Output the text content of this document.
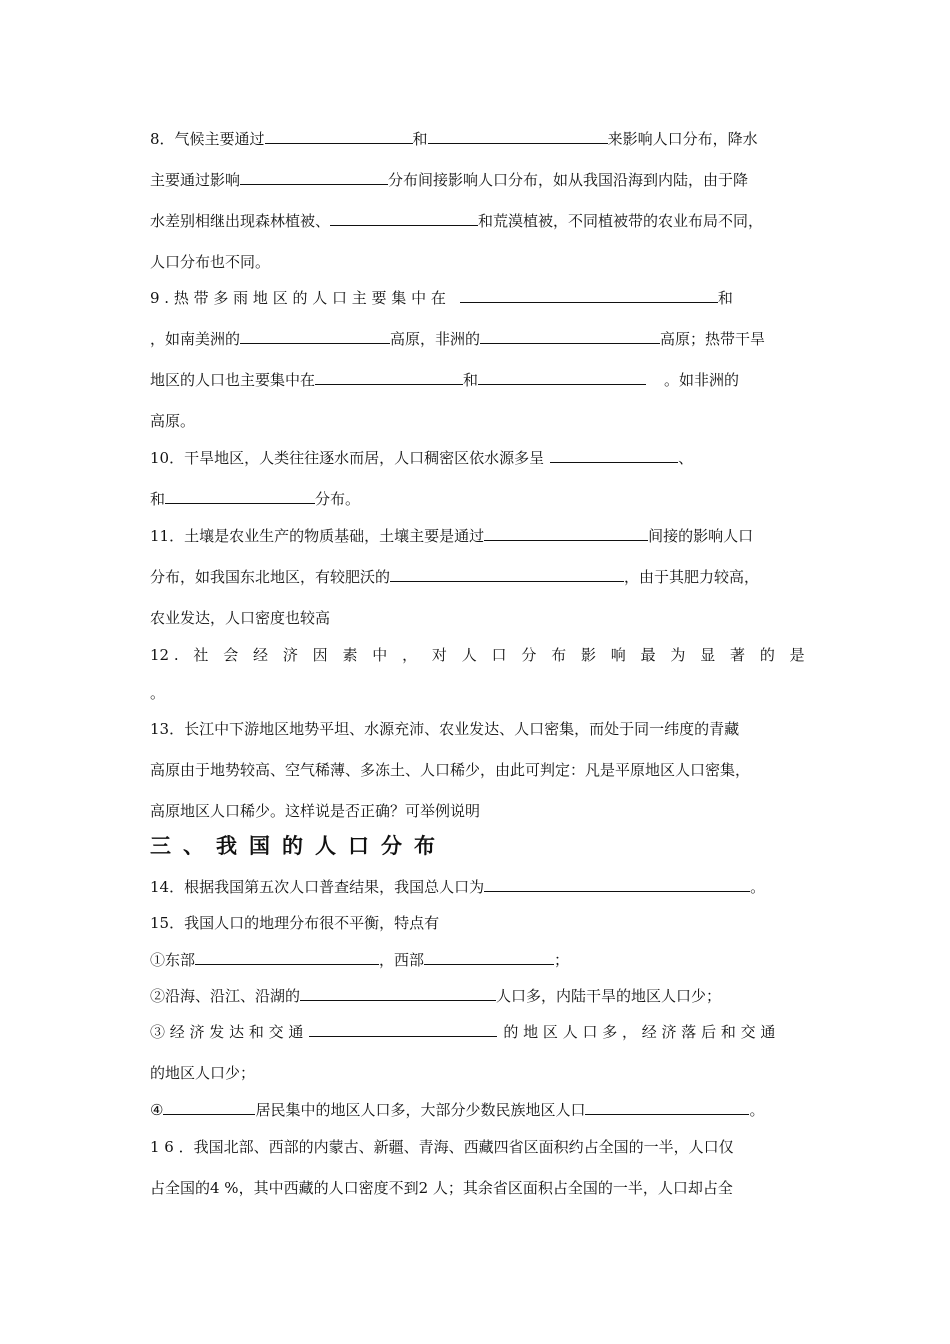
8．气候主要通过	和	来影响人口分布，降水
主要通过影响	分布间接影响人口分布，如从我国沿海到内陆，由于降
水差别相继出现森林植被、	和荒漠植被，不同植被带的农业布局不同，
人口分布也不同。
9 . 热 带 多 雨 地 区 的 人 口 主 要 集 中 在	和
，如南美洲的	高原，非洲的	高原；热带干旱
地区的人口也主要集中在	和	。如非洲的
高原。
10．干旱地区，人类往往逐水而居，人口稠密区依水源多呈	、
和	分布。
11．土壤是农业生产的物质基础，土壤主要是通过	间接的影响人口
分布，如我国东北地区，有较肥沃的	，由于其肥力较高，
农业发达，人口密度也较高
12 . 社 会 经 济 因 素 中 ， 对 人 口 分 布 影 响 最 为 显 著 的 是
。
13．长江中下游地区地势平坦、水源充沛、农业发达、人口密集，而处于同一纬度的青藏
高原由于地势较高、空气稀薄、多冻土、人口稀少，由此可判定：凡是平原地区人口密集，
高原地区人口稀少。这样说是否正确？可举例说明
三、我国的人口分布
14．根据我国第五次人口普查结果，我国总人口为	。
15．我国人口的地理分布很不平衡，特点有
①东部	，西部	；
②沿海、沿江、沿湖的	人口多，内陆干旱的地区人口少；
③ 经 济 发 达 和 交 通	的 地 区 人 口 多 ， 经 济 落 后 和 交 通
的地区人口少；
④	居民集中的地区人口多，大部分少数民族地区人口	。
1 6 ．我国北部、西部的内蒙古、新疆、青海、西藏四省区面积约占全国的一半，人口仅
占全国的4 %，其中西藏的人口密度不到2 人；其余省区面积占全国的一半，人口却占全
